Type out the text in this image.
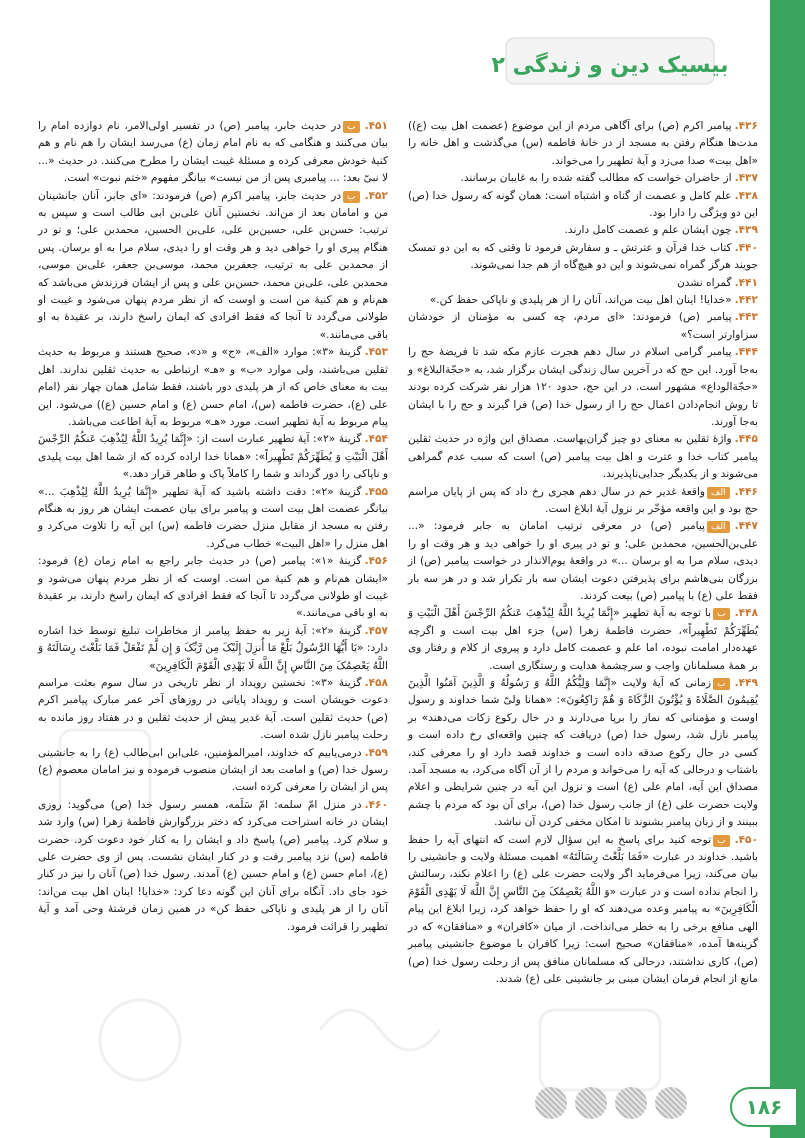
بیسیک دین و زندگی ۲

۴۳۶.پیامبر اکرم (ص) برای آگاهی مردم از این موضوع (عصمت اهل بیت (ع)) مدت‌ها هنگام رفتن به مسجد از در خانهٔ فاطمه (س) می‌گذشت و اهل خانه را «اهل بیت» صدا می‌زد و آیهٔ تطهیر را می‌خواند.

۴۳۷.از حاضران خواست که مطالب گفته شده را به غایبان برسانند.

۴۳۸.علم کامل و عصمت از گناه و اشتباه است: همان گونه که رسول خدا (ص) این دو ویژگی را دارا بود.

۴۳۹.چون ایشان علم و عصمت کامل دارند.

۴۴۰.کتاب خدا قرآن و عترتش ـ و سفارش فرمود تا وقتی که به این دو تمسک جویند هرگز گمراه نمی‌شوند و این دو هیچ‌گاه از هم جدا نمی‌شوند.

۴۴۱.گمراه نشدن

۴۴۲.«خدایا! اینان اهل بیت من‌اند، آنان را از هر پلیدی و ناپاکی حفظ کن.»

۴۴۳.پیامبر (ص) فرمودند: «ای مردم، چه کسی به مؤمنان از خودشان سزاوارتر است؟»

۴۴۴.پیامبر گرامی اسلام در سال دهم هجرت عازم مکه شد تا فریضهٔ حج را به‌جا آورد. این حج که در آخرین سال زندگی ایشان برگزار شد، به «حجّةالبلاغ» و «حجّةالوداع» مشهور است. در این حج، حدود ۱۲۰ هزار نفر شرکت کرده بودند تا روش انجام‌دادن اعمال حج را از رسول خدا (ص) فرا گیرند و حج را با ایشان به‌جا آورند.

۴۴۵.واژهٔ ثقلین به معنای دو چیز گران‌بهاست. مصداق این واژه در حدیث ثقلین پیامبر کتاب خدا و عترت و اهل بیت پیامبر (ص) است که سبب عدم گمراهی می‌شوند و از یکدیگر جدایی‌ناپذیرند.

۴۴۶.الفواقعهٔ غدیر خم در سال دهم هجری رخ داد که پس از پایان مراسم حج بود و این واقعه مؤخّر بر نزول آیهٔ ابلاغ است.

۴۴۷.الفپیامبر (ص) در معرفی ترتیب امامان به جابر فرمود: «... علی‌بن‌الحسین، محمدبن علی؛ و تو در پیری او را خواهی دید و هر وقت او را دیدی، سلام مرا به او برسان ...» در واقعهٔ یوم‌الانذار در خواست پیامبر (ص) از بزرگان بنی‌هاشم برای پذیرفتن دعوت ایشان سه بار تکرار شد و در هر سه بار فقط علی (ع) با پیامبر (ص) بیعت کردند.

۴۴۸.ببا توجه به آیهٔ تطهیر «إِنَّمَا یُرِیدُ اللَّهُ لِیُذْهِبَ عَنکُمُ الرِّجْسَ أَهْلَ الْبَیْتِ وَ یُطَهِّرَکُمْ تَطْهِیراً»، حضرت فاطمهٔ زهرا (س) جزء اهل بیت است و اگرچه عهده‌دار امامت نبوده، اما علم و عصمت کامل دارد و پیروی از کلام و رفتار وی بر همهٔ مسلمانان واجب و سرچشمهٔ هدایت و رستگاری است.

۴۴۹.بزمانی که آیهٔ ولایت «إِنَّمَا وَلِیُّکُمُ اللَّهُ وَ رَسُولُهُ وَ الَّذِینَ آمَنُوا الَّذِینَ یُقِیمُونَ الصَّلَاةَ وَ یُؤْتُونَ الزَّکَاةَ وَ هُمْ رَاکِعُونَ»: «همانا ولیّ شما خداوند و رسول اوست و مؤمنانی که نماز را برپا می‌دارند و در حال رکوع زکات می‌دهند» بر پیامبر نازل شد، رسول خدا (ص) دریافت که چنین واقعه‌ای رخ داده است و کسی در حال رکوع صدقه داده است و خداوند قصد دارد او را معرفی کند، باشتاب و درحالی که آیه را می‌خواند و مردم را از آن آگاه می‌کرد، به مسجد آمد. مصداق این آیه، امام علی (ع) است و نزول این آیه در چنین شرایطی و اعلام ولایت حضرت علی (ع) از جانب رسول خدا (ص)، برای آن بود که مردم با چشم ببینند و از زبان پیامبر بشنوند تا امکان مخفی کردن آن نباشد.

۴۵۰.بتوجه کنید برای پاسخ به این سؤال لازم است که انتهای آیه را حفظ باشید. خداوند در عبارت «فَمَا بَلَّغْتَ رِسَالَتَهُ» اهمیت مسئلهٔ ولایت و جانشینی را بیان می‌کند، زیرا می‌فرماید اگر ولایت حضرت علی (ع) را اعلام نکند، رسالتش را انجام نداده است و در عبارت «وَ اللَّهُ یَعْصِمُکَ مِنَ النَّاسِ إِنَّ اللَّهَ لَا یَهْدِی الْقَوْمَ الْکَافِرِینَ» به پیامبر وعده می‌دهند که او را حفظ خواهد کرد، زیرا ابلاغ این پیام الهی منافع برخی را به خطر می‌انداخت. از میان «کافران» و «منافقان» که در گزینه‌ها آمده، «منافقان» صحیح است: زیرا کافران با موضوع جانشینی پیامبر (ص)، کاری نداشتند، درحالی که مسلمانان منافق پس از رحلت رسول خدا (ص) مانع از انجام فرمان ایشان مبنی بر جانشینی علی (ع) شدند.

۴۵۱.بدر حدیث جابر، پیامبر (ص) در تفسیر اولی‌الامر، نام دوازده امام را بیان می‌کنند و هنگامی که به نام امام زمان (ع) می‌رسد ایشان را هم نام و هم کنیهٔ خودش معرفی کرده و مسئلهٔ غیبت ایشان را مطرح می‌کنند. در حدیث «... لا نبیّ بعد: ... پیامبری پس از من نیست» بیانگر مفهوم «ختم نبوت» است.

۴۵۲.بدر حدیث جابر، پیامبر اکرم (ص) فرمودند: «ای جابر، آنان جانشینان من و امامان بعد از من‌اند. نخستین آنان علی‌بن ابی طالب است و سپس به ترتیب: حسن‌بن علی، حسین‌بن علی، علی‌بن الحسین، محمدبن علی؛ و تو در هنگام پیری او را خواهی دید و هر وقت او را دیدی، سلام مرا به او برسان. پس از محمدبن علی به ترتیب، جعفربن محمد، موسی‌بن جعفر، علی‌بن موسی، محمدبن علی، علی‌بن محمد، حسن‌بن علی و پس از ایشان فرزندش می‌باشد که هم‌نام و هم کنیهٔ من است و اوست که از نظر مردم پنهان می‌شود و غیبت او طولانی می‌گردد تا آنجا که فقط افرادی که ایمان راسخ دارند، بر عقیدهٔ به او باقی می‌مانند.»

۴۵۳.گزینهٔ «۳»: موارد «الف»، «ج» و «د»، صحیح هستند و مربوط به حدیث ثقلین می‌باشند، ولی موارد «ب» و «هـ» ارتباطی به حدیث ثقلین ندارند. اهل بیت به معنای خاص که از هر پلیدی دور باشند، فقط شامل همان چهار نفر (امام علی (ع)، حضرت فاطمه (س)، امام حسن (ع) و امام حسین (ع)) می‌شود. این پیام مربوط به آیهٔ تطهیر است. مورد «هـ» مربوط به آیهٔ اطاعت می‌باشد.

۴۵۴.گزینهٔ «۲»: آیهٔ تطهیر عبارت است از: «إِنَّمَا یُرِیدُ اللَّهُ لِیُذْهِبَ عَنکُمُ الرِّجْسَ أَهْلَ الْبَیْتِ وَ یُطَهِّرَکُمْ تَطْهِیراً»: «همانا خدا اراده کرده که از شما اهل بیت پلیدی و ناپاکی را دور گرداند و شما را کاملاً پاک و طاهر قرار دهد.»

۴۵۵.گزینهٔ «۲»: دقت داشته باشید که آیهٔ تطهیر «إِنَّمَا یُرِیدُ اللَّهُ لِیُذْهِبَ ...» بیانگر عصمت اهل بیت است و پیامبر برای بیان عصمت ایشان هر روز به هنگام رفتن به مسجد از مقابل منزل حضرت فاطمه (س) این آیه را تلاوت می‌کرد و اهل منزل را «اهل البیت» خطاب می‌کرد.

۴۵۶.گزینهٔ «۱»: پیامبر (ص) در حدیث جابر راجع به امام زمان (ع) فرمود: «ایشان هم‌نام و هم کنیهٔ من است. اوست که از نظر مردم پنهان می‌شود و غیبت او طولانی می‌گردد تا آنجا که فقط افرادی که ایمان راسخ دارند، بر عقیدهٔ به او باقی می‌مانند.»

۴۵۷.گزینهٔ «۲»: آیهٔ زیر به حفظ پیامبر از مخاطرات تبلیغ توسط خدا اشاره دارد: «یَا أَیُّهَا الرَّسُولُ بَلِّغْ مَا أُنزِلَ إِلَیْکَ مِن رَّبِّکَ وَ إِن لَّمْ تَفْعَلْ فَمَا بَلَّغْتَ رِسَالَتَهُ وَ اللَّهُ یَعْصِمُکَ مِنَ النَّاسِ إِنَّ اللَّهَ لَا یَهْدِی الْقَوْمَ الْکَافِرِینَ»

۴۵۸.گزینهٔ «۳»: نخستین رویداد از نظر تاریخی در سال سوم بعثت مراسم دعوت خویشان است و رویداد پایانی در روزهای آخر عمر مبارک پیامبر اکرم (ص) حدیث ثقلین است. آیهٔ غدیر پیش از حدیث ثقلین و در هفتاد روز مانده به رحلت پیامبر نازل شده است.

۴۵۹.درمی‌یابیم که خداوند، امیرالمؤمنین، علی‌ابن ابی‌طالب (ع) را به جانشینی رسول خدا (ص) و امامت بعد از ایشان منصوب فرموده و نیز امامان معصوم (ع) پس از ایشان را معرفی کرده است.

۴۶۰.در منزل امّ سلمه: امّ سَلَمه، همسر رسول خدا (ص) می‌گوید: روزی ایشان در خانه استراحت می‌کرد که دختر بزرگوارش فاطمهٔ زهرا (س) وارد شد و سلام کرد. پیامبر (ص) پاسخ داد و ایشان را به کنار خود دعوت کرد. حضرت فاطمه (س) نزد پیامبر رفت و در کنار ایشان نشست. پس از وی حضرت علی (ع)، امام حسن (ع) و امام حسین (ع) آمدند. رسول خدا (ص) آنان را نیز در کنار خود جای داد. آنگاه برای آنان این گونه دعا کرد: «خدایا! اینان اهل بیت من‌اند: آنان را از هر پلیدی و ناپاکی حفظ کن» در همین زمان فرشتهٔ وحی آمد و آیهٔ تطهیر را قرائت فرمود.

۱۸۶
